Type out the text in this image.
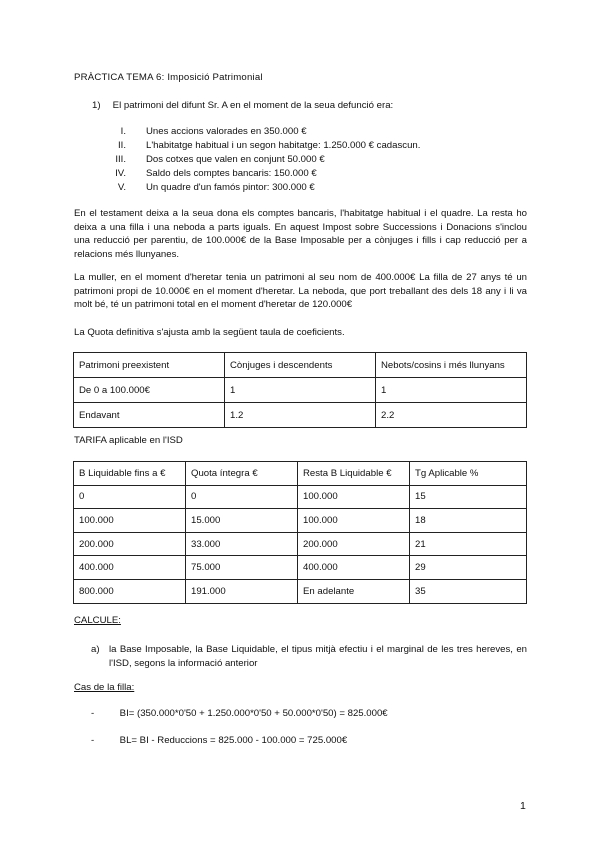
PRÀCTICA TEMA 6: Imposició Patrimonial
1) El patrimoni del difunt Sr. A en el moment de la seua defunció era:
I. Unes accions valorades en 350.000 €
II. L'habitatge habitual i un segon habitatge: 1.250.000 € cadascun.
III. Dos cotxes que valen en conjunt 50.000 €
IV. Saldo dels comptes bancaris: 150.000 €
V. Un quadre d'un famós pintor: 300.000 €

En el testament deixa a la seua dona els comptes bancaris, l'habitatge habitual i el quadre. La resta ho deixa a una filla i una neboda a parts iguals. En aquest Impost sobre Successions i Donacions s'inclou una reducció per parentiu, de 100.000€ de la Base Imposable per a cònjuges i fills i cap reducció per a relacions més llunyanes.

La muller, en el moment d'heretar tenia un patrimoni al seu nom de 400.000€ La filla de 27 anys té un patrimoni propi de 10.000€ en el moment d'heretar. La neboda, que port treballant des dels 18 any i li va molt bé, té un patrimoni total en el moment d'heretar de 120.000€

La Quota definitiva s'ajusta amb la següent taula de coeficients.

Patrimoni preexistent	Cònjuges i descendents	Nebots/cosins i més llunyans
De 0 a 100.000€	1	1
Endavant	1.2	2.2
TARIFA aplicable en l'ISD
B Liquidable fins a €	Quota íntegra €	Resta B Liquidable €	Tg Aplicable %
0	0	100.000	15
100.000	15.000	100.000	18
200.000	33.000	200.000	21
400.000	75.000	400.000	29
800.000	191.000	En adelante	35
CALCULE:
a) la Base Imposable, la Base Liquidable, el tipus mitjà efectiu i el marginal de les tres hereves, en l'ISD, segons la informació anterior
Cas de la filla:
-	BI= (350.000*0'50 + 1.250.000*0'50 + 50.000*0'50) = 825.000€
-	BL= BI - Reduccions = 825.000 - 100.000 = 725.000€
1
